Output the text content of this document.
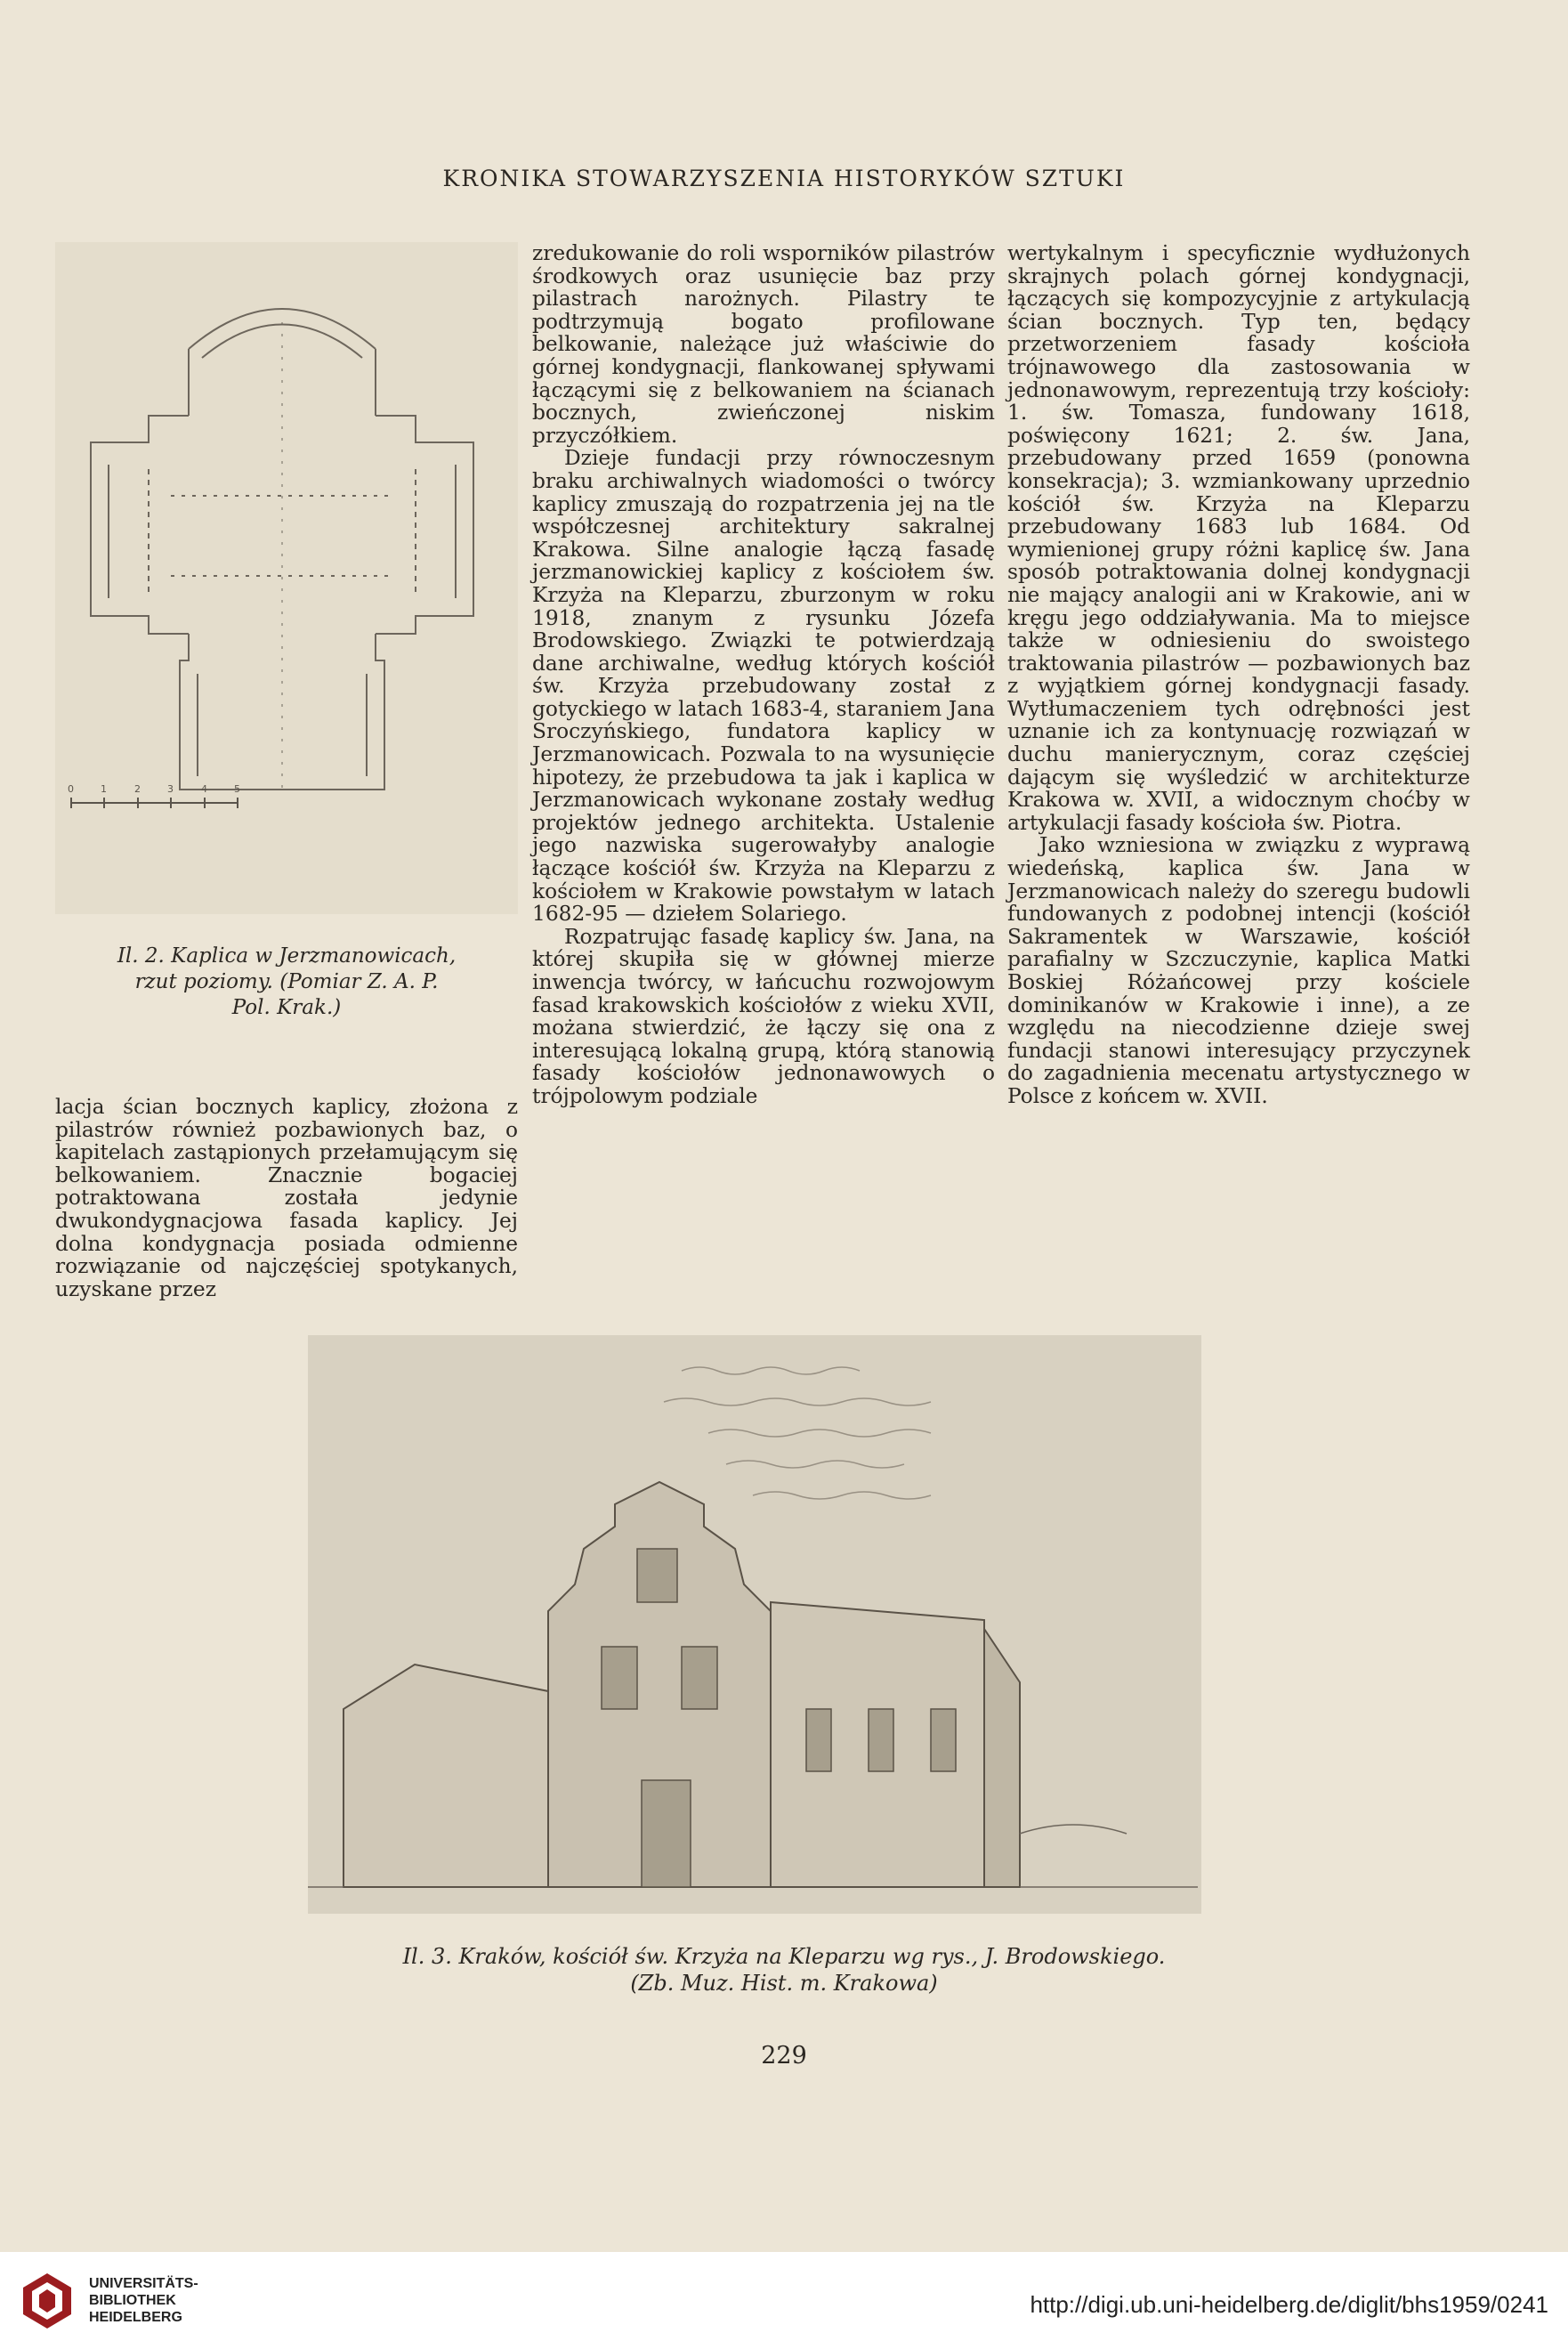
KRONIKA STOWARZYSZENIA HISTORYKÓW SZTUKI
0	1	2	3	4	5
Il. 2. Kaplica w Jerzmanowicach,
rzut poziomy. (Pomiar Z. A. P.
Pol. Krak.)

lacja ścian bocznych kaplicy, złożona z pilastrów również pozbawionych baz, o kapitelach zastąpionych przełamującym się belkowaniem. Znacznie bogaciej potraktowana została jedynie dwukondygnacjowa fasada kaplicy. Jej dolna kondygnacja posiada odmienne rozwiązanie od najczęściej spotykanych, uzyskane przez

zredukowanie do roli wsporników pilastrów środkowych oraz usunięcie baz przy pilastrach narożnych. Pilastry te podtrzymują bogato profilowane belkowanie, należące już właściwie do górnej kondygnacji, flankowanej spływami łączącymi się z belkowaniem na ścianach bocznych, zwieńczonej niskim przyczółkiem.

Dzieje fundacji przy równoczesnym braku archiwalnych wiadomości o twórcy kaplicy zmuszają do rozpatrzenia jej na tle współczesnej architektury sakralnej Krakowa. Silne analogie łączą fasadę jerzmanowickiej kaplicy z kościołem św. Krzyża na Kleparzu, zburzonym w roku 1918, znanym z rysunku Józefa Brodowskiego. Związki te potwierdzają dane archiwalne, według których kościół św. Krzyża przebudowany został z gotyckiego w latach 1683-4, staraniem Jana Sroczyńskiego, fundatora kaplicy w Jerzmanowicach. Pozwala to na wysunięcie hipotezy, że przebudowa ta jak i kaplica w Jerzmanowicach wykonane zostały według projektów jednego architekta. Ustalenie jego nazwiska sugerowałyby analogie łączące kościół św. Krzyża na Kleparzu z kościołem w Krakowie powstałym w latach 1682-95 — dziełem Solariego.

Rozpatrując fasadę kaplicy św. Jana, na której skupiła się w głównej mierze inwencja twórcy, w łańcuchu rozwojowym fasad krakowskich kościołów z wieku XVII, możana stwierdzić, że łączy się ona z interesującą lokalną grupą, którą stanowią fasady kościołów jednonawowych o trójpolowym podziale

wertykalnym i specyficznie wydłużonych skrajnych polach górnej kondygnacji, łączących się kompozycyjnie z artykulacją ścian bocznych. Typ ten, będący przetworzeniem fasady kościoła trójnawowego dla zastosowania w jednonawowym, reprezentują trzy kościoły: 1. św. Tomasza, fundowany 1618, poświęcony 1621; 2. św. Jana, przebudowany przed 1659 (ponowna konsekracja); 3. wzmiankowany uprzednio kościół św. Krzyża na Kleparzu przebudowany 1683 lub 1684. Od wymienionej grupy różni kaplicę św. Jana sposób potraktowania dolnej kondygnacji nie mający analogii ani w Krakowie, ani w kręgu jego oddziaływania. Ma to miejsce także w odniesieniu do swoistego traktowania pilastrów — pozbawionych baz z wyjątkiem górnej kondygnacji fasady. Wytłumaczeniem tych odrębności jest uznanie ich za kontynuację rozwiązań w duchu manierycznym, coraz częściej dającym się wyśledzić w architekturze Krakowa w. XVII, a widocznym choćby w artykulacji fasady kościoła św. Piotra.

Jako wzniesiona w związku z wyprawą wiedeńską, kaplica św. Jana w Jerzmanowicach należy do szeregu budowli fundowanych z podobnej intencji (kościół Sakramentek w Warszawie, kościół parafialny w Szczuczynie, kaplica Matki Boskiej Różańcowej przy kościele dominikanów w Krakowie i inne), a ze względu na niecodzienne dzieje swej fundacji stanowi interesujący przyczynek do zagadnienia mecenatu artystycznego w Polsce z końcem w. XVII.

Il. 3. Kraków, kościół św. Krzyża na Kleparzu wg rys., J. Brodowskiego.
(Zb. Muz. Hist. m. Krakowa)
229
UNIVERSITÄTS-
BIBLIOTHEK
HEIDELBERG	http://digi.ub.uni-heidelberg.de/diglit/bhs1959/0241
